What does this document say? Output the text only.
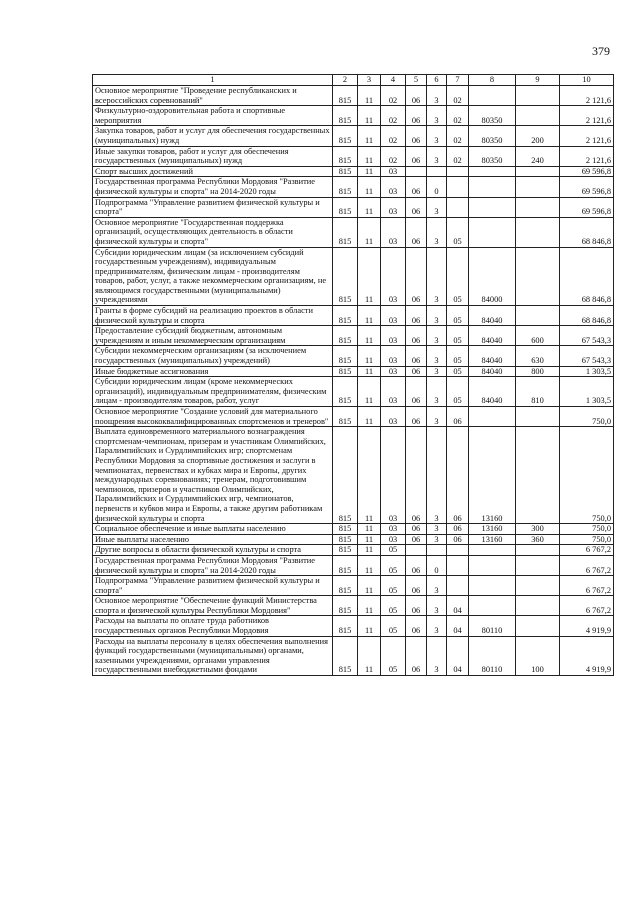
379
1	2	3	4	5	6	7	8	9	10
Основное мероприятие "Проведение республиканских и всероссийских соревнований"	815	11	02	06	3	02			2 121,6
Физкультурно-оздоровительная работа и спортивные мероприятия	815	11	02	06	3	02	80350		2 121,6
Закупка товаров, работ и услуг для обеспечения государственных (муниципальных) нужд	815	11	02	06	3	02	80350	200	2 121,6
Иные закупки товаров, работ и услуг для обеспечения государственных (муниципальных) нужд	815	11	02	06	3	02	80350	240	2 121,6
Спорт высших достижений	815	11	03						69 596,8
Государственная программа Республики Мордовия "Развитие физической культуры и спорта" на 2014-2020 годы	815	11	03	06	0				69 596,8
Подпрограмма "Управление развитием физической культуры и спорта"	815	11	03	06	3				69 596,8
Основное мероприятие "Государственная поддержка организаций, осуществляющих деятельность в области физической культуры и спорта"	815	11	03	06	3	05			68 846,8
Субсидии юридическим лицам (за исключением субсидий государственным учреждениям), индивидуальным предпринимателям, физическим лицам - производителям товаров, работ, услуг, а также некоммерческим организациям, не являющимся государственными (муниципальными) учреждениями	815	11	03	06	3	05	84000		68 846,8
Гранты в форме субсидий на реализацию проектов в области физической культуры и спорта	815	11	03	06	3	05	84040		68 846,8
Предоставление субсидий бюджетным, автономным учреждениям и иным некоммерческим организациям	815	11	03	06	3	05	84040	600	67 543,3
Субсидии некоммерческим организациям (за исключением государственных (муниципальных) учреждений)	815	11	03	06	3	05	84040	630	67 543,3
Иные бюджетные ассигнования	815	11	03	06	3	05	84040	800	1 303,5
Субсидии юридическим лицам (кроме некоммерческих организаций), индивидуальным предпринимателям, физическим лицам - производителям товаров, работ, услуг	815	11	03	06	3	05	84040	810	1 303,5
Основное мероприятие "Создание условий для материального поощрения высококвалифицированных спортсменов и тренеров"	815	11	03	06	3	06			750,0
Выплата единовременного материального вознаграждения спортсменам-чемпионам, призерам и участникам Олимпийских, Паралимпийских и Сурдлимпийских игр; спортсменам Республики Мордовия за спортивные достижения и заслуги в чемпионатах, первенствах и кубках мира и Европы, других международных соревнованиях; тренерам, подготовившим чемпионов, призеров и участников Олимпийских, Паралимпийских и Сурдлимпийских игр, чемпионатов, первенств и кубков мира и Европы, а также другим работникам физической культуры и спорта	815	11	03	06	3	06	13160		750,0
Социальное обеспечение и иные выплаты населению	815	11	03	06	3	06	13160	300	750,0
Иные выплаты населению	815	11	03	06	3	06	13160	360	750,0
Другие вопросы в области физической культуры и спорта	815	11	05						6 767,2
Государственная программа Республики Мордовия "Развитие физической культуры и спорта" на 2014-2020 годы	815	11	05	06	0				6 767,2
Подпрограмма "Управление развитием физической культуры и спорта"	815	11	05	06	3				6 767,2
Основное мероприятие "Обеспечение функций Министерства спорта и физической культуры Республики Мордовия"	815	11	05	06	3	04			6 767,2
Расходы на выплаты по оплате труда работников государственных органов Республики Мордовия	815	11	05	06	3	04	80110		4 919,9
Расходы на выплаты персоналу в целях обеспечения выполнения функций государственными (муниципальными) органами, казенными учреждениями, органами управления государственными внебюджетными фондами	815	11	05	06	3	04	80110	100	4 919,9
